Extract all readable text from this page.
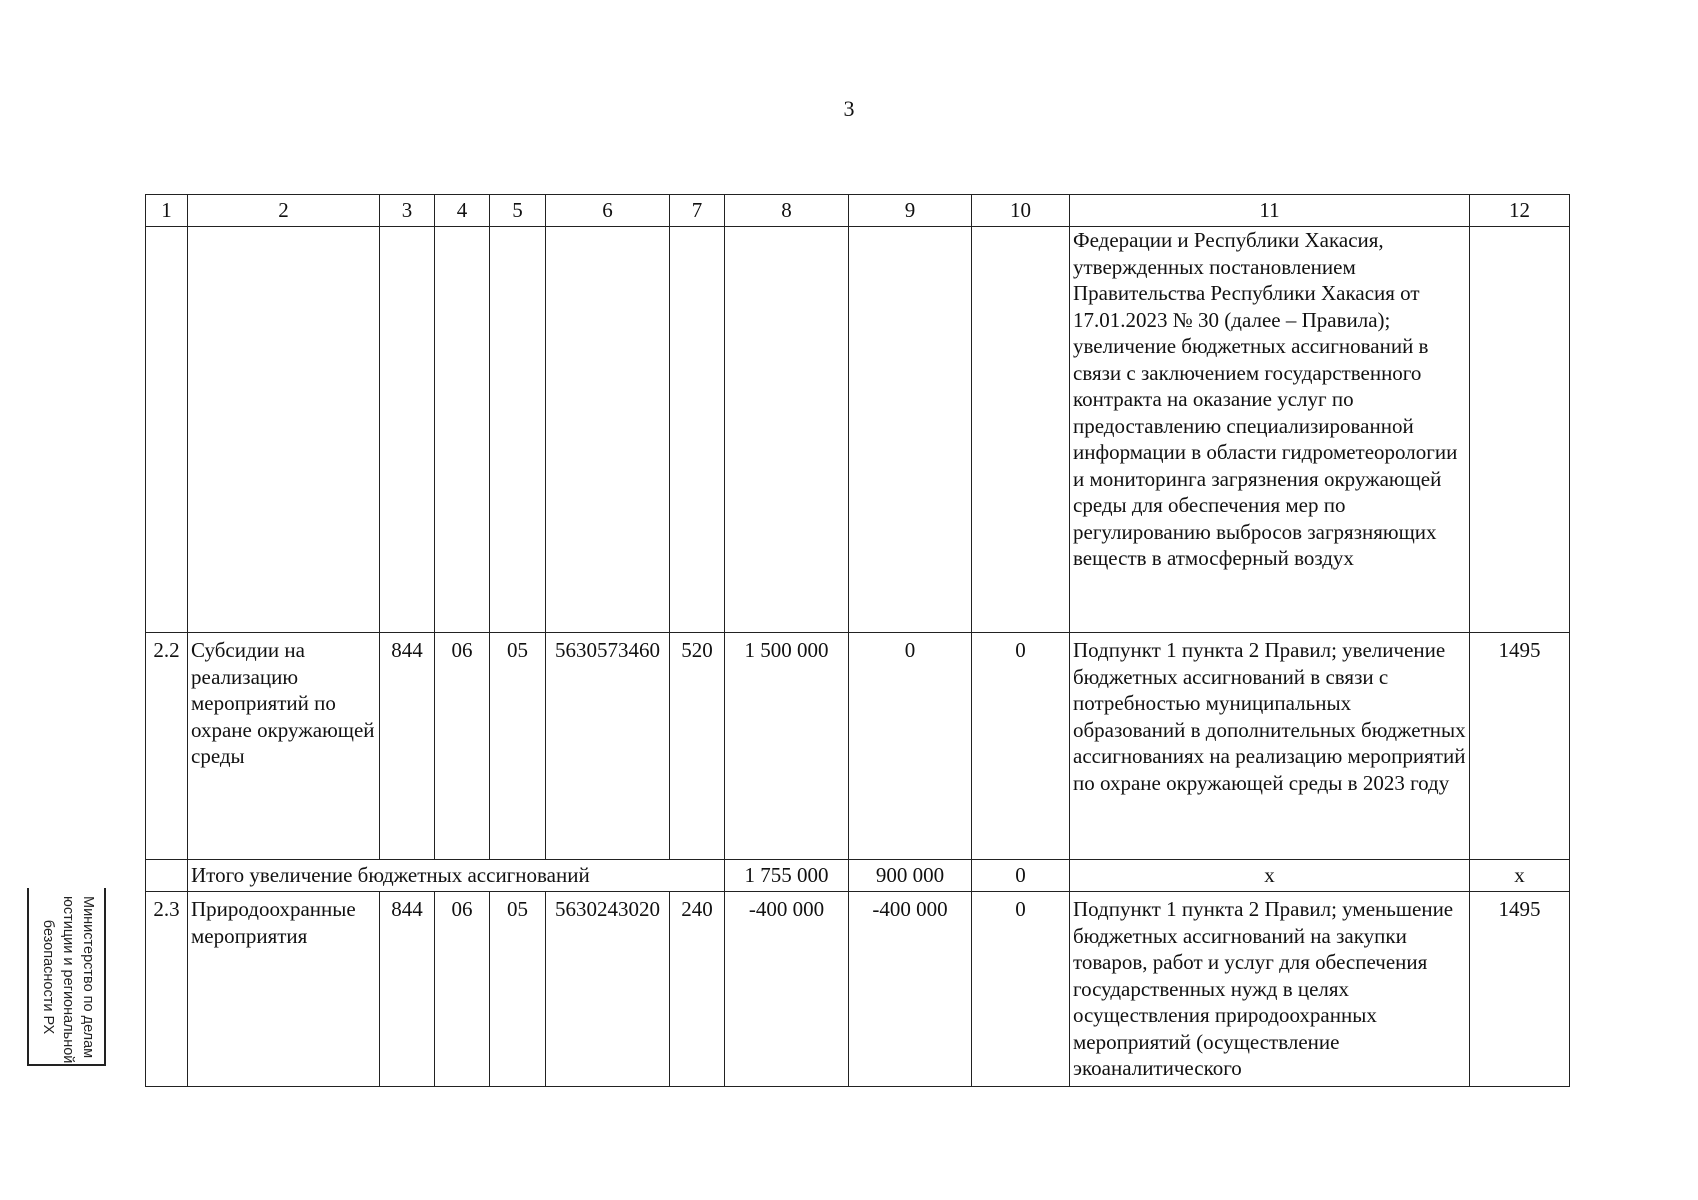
3
1	2	3	4	5	6	7	8	9	10	11	12
										Федерации и Республики Хакасия, утвержденных постановлением Правительства Республики Хакасия от 17.01.2023 № 30 (далее – Правила); увеличение бюджетных ассигнований в связи с заключением государственного контракта на оказание услуг по предоставлению специализированной информации в области гидрометеорологии и мониторинга загрязнения окружающей среды для обеспечения мер по регулированию выбросов загрязняющих веществ в атмосферный воздух	
2.2	Субсидии на реализацию мероприятий по охране окружающей среды	844	06	05	5630573460	520	1 500 000	0	0	Подпункт 1 пункта 2 Правил; увеличение бюджетных ассигнований в связи с потребностью муниципальных образований в дополнительных бюджетных ассигнованиях на реализацию мероприятий по охране окружающей среды в 2023 году	1495
	Итого увеличение бюджетных ассигнований						1 755 000	900 000	0	x	x
2.3	Природоохранные мероприятия	844	06	05	5630243020	240	-400 000	-400 000	0	Подпункт 1 пункта 2 Правил; уменьшение бюджетных ассигнований на закупки товаров, работ и услуг для обеспечения государственных нужд в целях осуществления природоохранных мероприятий (осуществление экоаналитического	1495
Министерство по делам
юстиции и региональной
безопасности РХ
